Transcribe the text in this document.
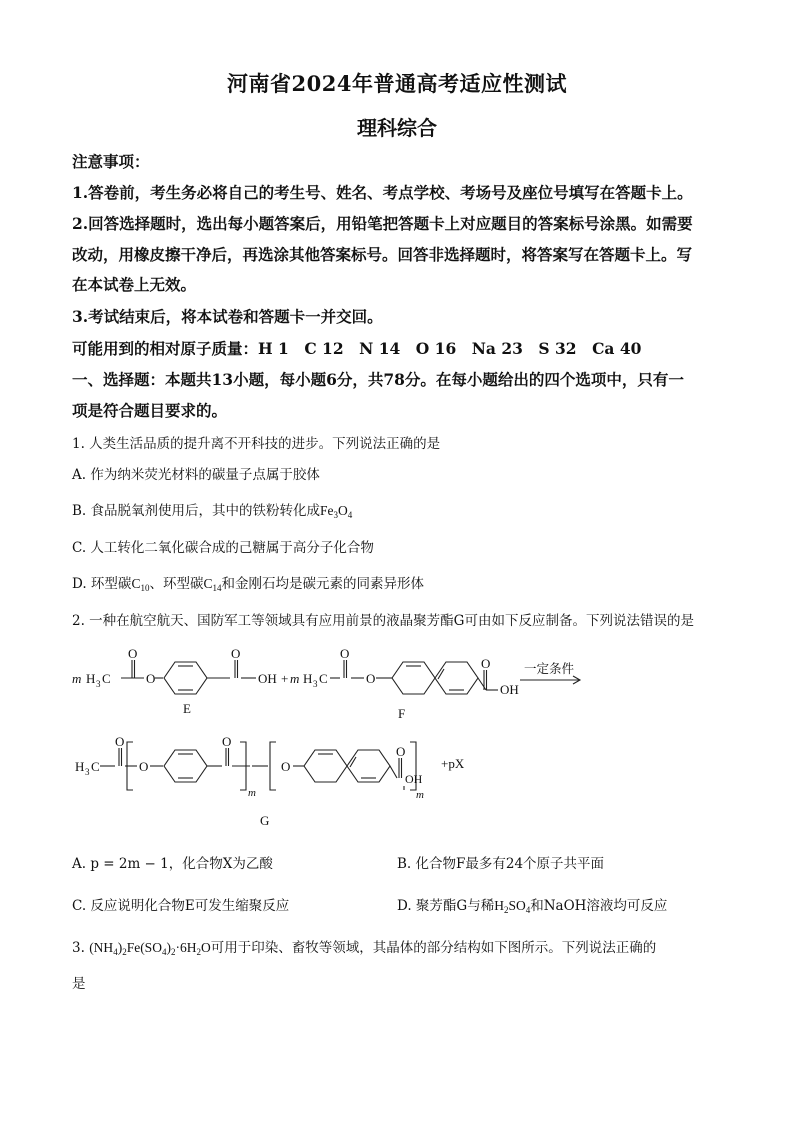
河南省2024年普通高考适应性测试
理科综合
注意事项：
1.答卷前，考生务必将自己的考生号、姓名、考点学校、考场号及座位号填写在答题卡上。
2.回答选择题时，选出每小题答案后，用铅笔把答题卡上对应题目的答案标号涂黑。如需要
改动，用橡皮擦干净后，再选涂其他答案标号。回答非选择题时，将答案写在答题卡上。写
在本试卷上无效。
3.考试结束后，将本试卷和答题卡一并交回。
可能用到的相对原子质量：H 1　C 12　N 14　O 16　Na 23　S 32　Ca 40
一、选择题：本题共13小题，每小题6分，共78分。在每小题给出的四个选项中，只有一
项是符合题目要求的。
1. 人类生活品质的提升离不开科技的进步。下列说法正确的是
A. 作为纳米荧光材料的碳量子点属于胶体
B. 食品脱氧剂使用后，其中的铁粉转化成$Fe_3O_4$
C. 人工转化二氧化碳合成的己糖属于高分子化合物
D. 环型碳$C_{10}$、环型碳$C_{14}$和金刚石均是碳元素的同素异形体
2. 一种在航空航天、国防军工等领域具有应用前景的液晶聚芳酯G可由如下反应制备。下列说法错误的是
m H 3 C
O
O
O
OH + m H 3 C
O
O
O
OH
E	F
一定条件
H 3 C
O
O
O
m
O
O
OH
m
+pX
G
A. p = 2m − 1，化合物X为乙酸	B. 化合物F最多有24个原子共平面
C. 反应说明化合物E可发生缩聚反应	D. 聚芳酯G与稀$H_2SO_4$和NaOH溶液均可反应
3. $(NH_4)_2Fe(SO_4)_2\cdot 6H_2O$可用于印染、畜牧等领域，其晶体的部分结构如下图所示。下列说法正确的
是
